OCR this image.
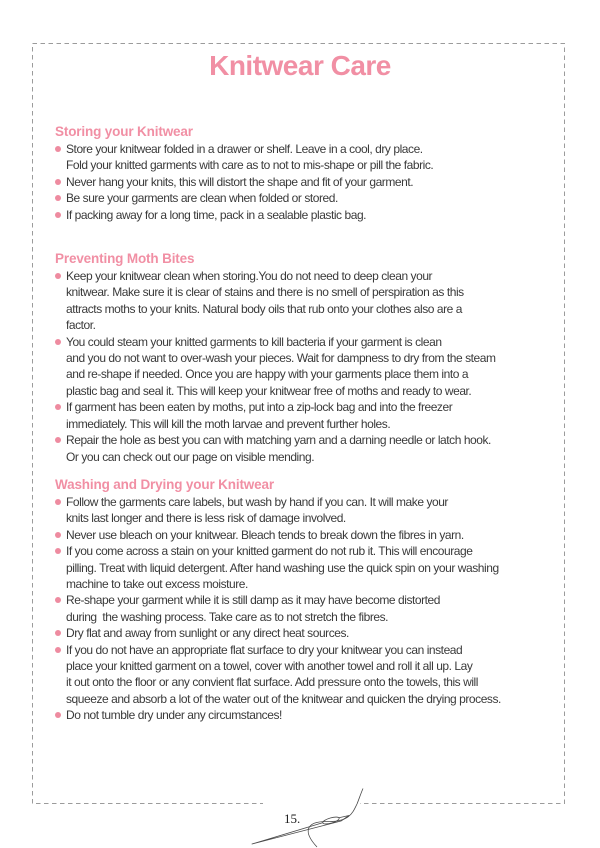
Knitwear Care
Storing your Knitwear
Store your knitwear folded in a drawer or shelf. Leave in a cool, dry place.
Fold your knitted garments with care as to not to mis-shape or pill the fabric.
Never hang your knits, this will distort the shape and fit of your garment.
Be sure your garments are clean when folded or stored.
If packing away for a long time, pack in a sealable plastic bag.
Preventing Moth Bites
Keep your knitwear clean when storing.You do not need to deep clean your
knitwear. Make sure it is clear of stains and there is no smell of perspiration as this
attracts moths to your knits. Natural body oils that rub onto your clothes also are a
factor.
You could steam your knitted garments to kill bacteria if your garment is clean
and you do not want to over-wash your pieces. Wait for dampness to dry from the steam
and re-shape if needed. Once you are happy with your garments place them into a
plastic bag and seal it. This will keep your knitwear free of moths and ready to wear.
If garment has been eaten by moths, put into a zip-lock bag and into the freezer
immediately. This will kill the moth larvae and prevent further holes.
Repair the hole as best you can with matching yarn and a darning needle or latch hook.
Or you can check out our page on visible mending.
Washing and Drying your Knitwear
Follow the garments care labels, but wash by hand if you can. It will make your
knits last longer and there is less risk of damage involved.
Never use bleach on your knitwear. Bleach tends to break down the fibres in yarn.
If you come across a stain on your knitted garment do not rub it. This will encourage
pilling. Treat with liquid detergent. After hand washing use the quick spin on your washing
machine to take out excess moisture.
Re-shape your garment while it is still damp as it may have become distorted
during  the washing process. Take care as to not stretch the fibres.
Dry flat and away from sunlight or any direct heat sources.
If you do not have an appropriate flat surface to dry your knitwear you can instead
place your knitted garment on a towel, cover with another towel and roll it all up. Lay
it out onto the floor or any convient flat surface. Add pressure onto the towels, this will
squeeze and absorb a lot of the water out of the knitwear and quicken the drying process.
Do not tumble dry under any circumstances!
15.
